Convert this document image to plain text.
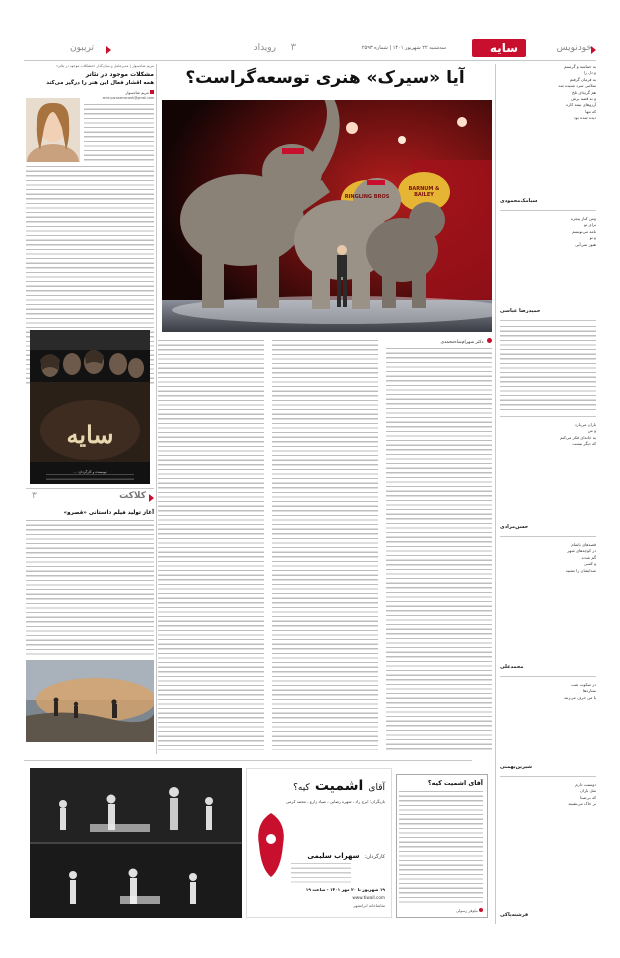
سایه	خودنویس
سه‌شنبه ۲۲ شهریور ۱۴۰۱ | شماره ۲۵۹۳
رویداد ۳
تریبون
به حماسه و گرسنم
و دل را
به فرمان گرفتم
سلامی سرد شنیده شد
هم گریه‌ای تلخ
و نه قصه برش
آرزوهای نیمه کاره
که تنها
دیده شده بود
سیامک‌محمودی
ومن کنار پنجره
برای تو
نامه می‌نویسم
و تو
هنوز نمی‌آیی
حمیدرضا عباسی
باران می‌بارد
و من
به خانه‌ای فکر می‌کنم
که دیگر نیست
حسن‌مرادی
قصه‌های ناتمام
در کوچه‌های شهر
گم شدند
و کسی
صدایشان را نشنید
محمدعلی
در سکوت شب
ستاره‌ها
با من حرف می‌زنند
شیرین‌بهمنی
دوستت دارم
مثل باران
که بی‌صدا
بر خاک می‌نشیند
فرشته‌پاکی
آیا «سیرک» هنری توسعه‌گراست؟
RINGLING BROS
BARNUM & BAILEY
دکتر شهرام‌شاه‌محمدی
مریم شاه‌سوار | مدیرعامل و بنیان‌گذار «مشکلات موجود در تئاتر»
مشکلات موجود در تئاتر
همه اقشار فعال این هنر را درگیر می‌کند
مریم شاه‌سوار
amir.parseamanesh@gmail.com
سایه
نویسنده و کارگردان: ...
کلاکت
۳
آغاز تولید فیلم داستانی «قصرو»
آقای اشمیت کیه؟
بازیگران: ایرج راد ، شهره رضایی ، صیاد زارع ، محمد کرمی
کارگردان: سهراب سلیمی
۱۹ شهریور تا ۲۰ مهر ۱۴۰۱ - ساعت ۱۹
www.tiwall.com
تماشاخانه ایرانشهر
آقای اشمیت کیه؟
نیلوفر رسولی
